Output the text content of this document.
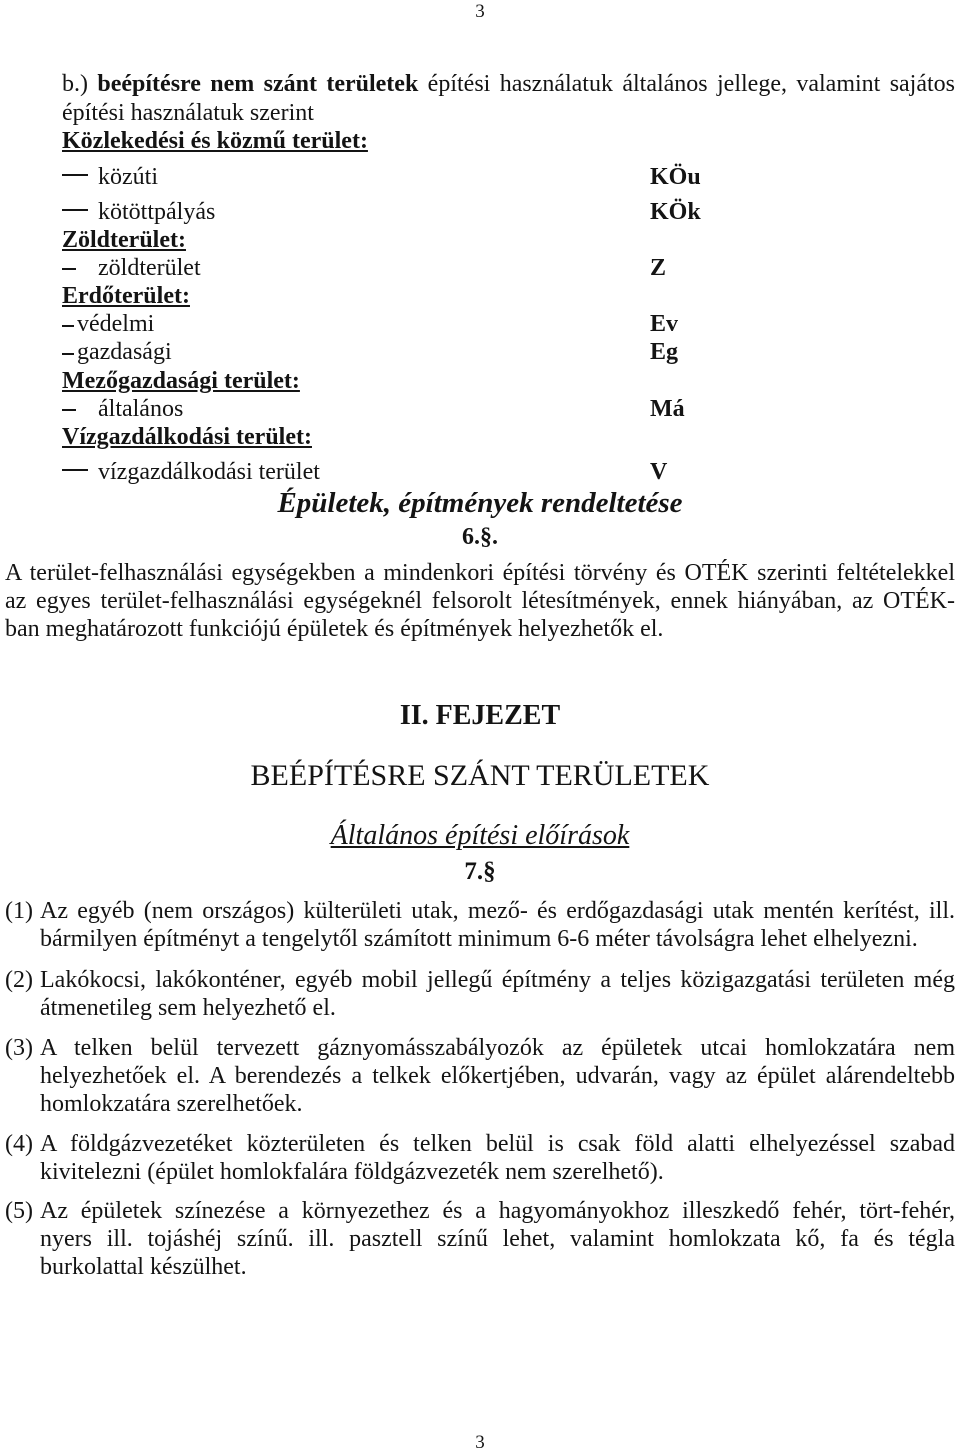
3
b.) beépítésre nem szánt területek építési használatuk általános jellege, valamint sajátos
építési használatuk szerint
Közlekedési és közmű terület:
közúti	KÖu
kötöttpályás	KÖk
Zöldterület:
zöldterület	Z
Erdőterület:
védelmi	Ev
gazdasági	Eg
Mezőgazdasági terület:
általános	Má
Vízgazdálkodási terület:
vízgazdálkodási terület	V
Épületek, építmények rendeltetése
6.§.
A terület-felhasználási egységekben a mindenkori építési törvény és OTÉK szerinti feltételekkel
az egyes terület-felhasználási egységeknél felsorolt létesítmények, ennek hiányában, az OTÉK-
ban meghatározott funkciójú épületek és építmények helyezhetők el.
II. FEJEZET
BEÉPÍTÉSRE SZÁNT TERÜLETEK
Általános építési előírások
7.§
(1) Az egyéb (nem országos) külterületi utak, mező- és erdőgazdasági utak mentén kerítést, ill.
bármilyen építményt a tengelytől számított minimum 6-6 méter távolságra lehet elhelyezni.
(2) Lakókocsi, lakókonténer, egyéb mobil jellegű építmény a teljes közigazgatási területen még
átmenetileg sem helyezhető el.
(3) A telken belül tervezett gáznyomásszabályozók az épületek utcai homlokzatára nem
helyezhetőek el. A berendezés a telkek előkertjében, udvarán, vagy az épület alárendeltebb
homlokzatára szerelhetőek.
(4) A földgázvezetéket közterületen és telken belül is csak föld alatti elhelyezéssel szabad
kivitelezni (épület homlokfalára földgázvezeték nem szerelhető).
(5) Az épületek színezése a környezethez és a hagyományokhoz illeszkedő fehér, tört-fehér,
nyers ill. tojáshéj színű. ill. pasztell színű lehet, valamint homlokzata kő, fa és tégla
burkolattal készülhet.
3
